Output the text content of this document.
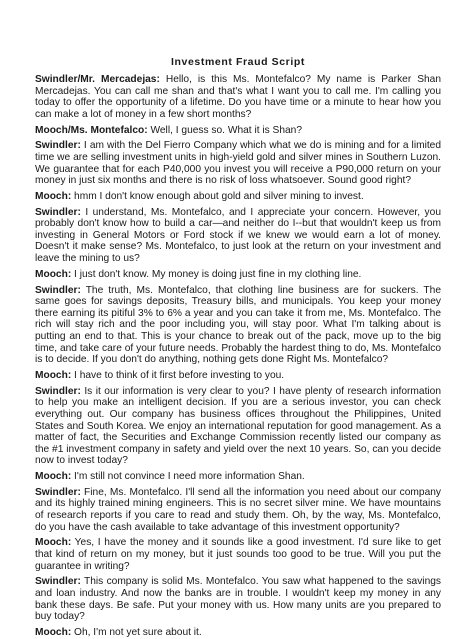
Investment Fraud Script

Swindler/Mr. Mercadejas: Hello, is this Ms. Montefalco? My name is Parker Shan Mercadejas. You can call me shan and that's what I want you to call me. I'm calling you today to offer the opportunity of a lifetime. Do you have time or a minute to hear how you can make a lot of money in a few short months?

Mooch/Ms. Montefalco: Well, I guess so. What it is Shan?

Swindler: I am with the Del Fierro Company which what we do is mining and for a limited time we are selling investment units in high-yield gold and silver mines in Southern Luzon. We guarantee that for each P40,000 you invest you will receive a P90,000 return on your money in just six months and there is no risk of loss whatsoever. Sound good right?

Mooch: hmm I don't know enough about gold and silver mining to invest.

Swindler: I understand, Ms. Montefalco, and I appreciate your concern. However, you probably don't know how to build a car—and neither do I--but that wouldn't keep us from investing in General Motors or Ford stock if we knew we would earn a lot of money. Doesn't it make sense? Ms. Montefalco, to just look at the return on your investment and leave the mining to us?

Mooch: I just don't know. My money is doing just fine in my clothing line.

Swindler: The truth, Ms. Montefalco, that clothing line business are for suckers. The same goes for savings deposits, Treasury bills, and municipals. You keep your money there earning its pitiful 3% to 6% a year and you can take it from me, Ms. Montefalco. The rich will stay rich and the poor including you, will stay poor. What I'm talking about is putting an end to that. This is your chance to break out of the pack, move up to the big time, and take care of your future needs. Probably the hardest thing to do, Ms. Montefalco is to decide. If you don't do anything, nothing gets done Right Ms. Montefalco?

Mooch: I have to think of it first before investing to you.

Swindler: Is it our information is very clear to you? I have plenty of research information to help you make an intelligent decision. If you are a serious investor, you can check everything out. Our company has business offices throughout the Philippines, United States and South Korea. We enjoy an international reputation for good management. As a matter of fact, the Securities and Exchange Commission recently listed our company as the #1 investment company in safety and yield over the next 10 years. So, can you decide now to invest today?

Mooch: I'm still not convince I need more information Shan.

Swindler: Fine, Ms. Montefalco. I'll send all the information you need about our company and its highly trained mining engineers. This is no secret silver mine. We have mountains of research reports if you care to read and study them. Oh, by the way, Ms. Montefalco, do you have the cash available to take advantage of this investment opportunity?

Mooch: Yes, I have the money and it sounds like a good investment. I'd sure like to get that kind of return on my money, but it just sounds too good to be true. Will you put the guarantee in writing?

Swindler: This company is solid Ms. Montefalco. You saw what happened to the savings and loan industry. And now the banks are in trouble. I wouldn't keep my money in any bank these days. Be safe. Put your money with us. How many units are you prepared to buy today?

Mooch: Oh, I'm not yet sure about it.
